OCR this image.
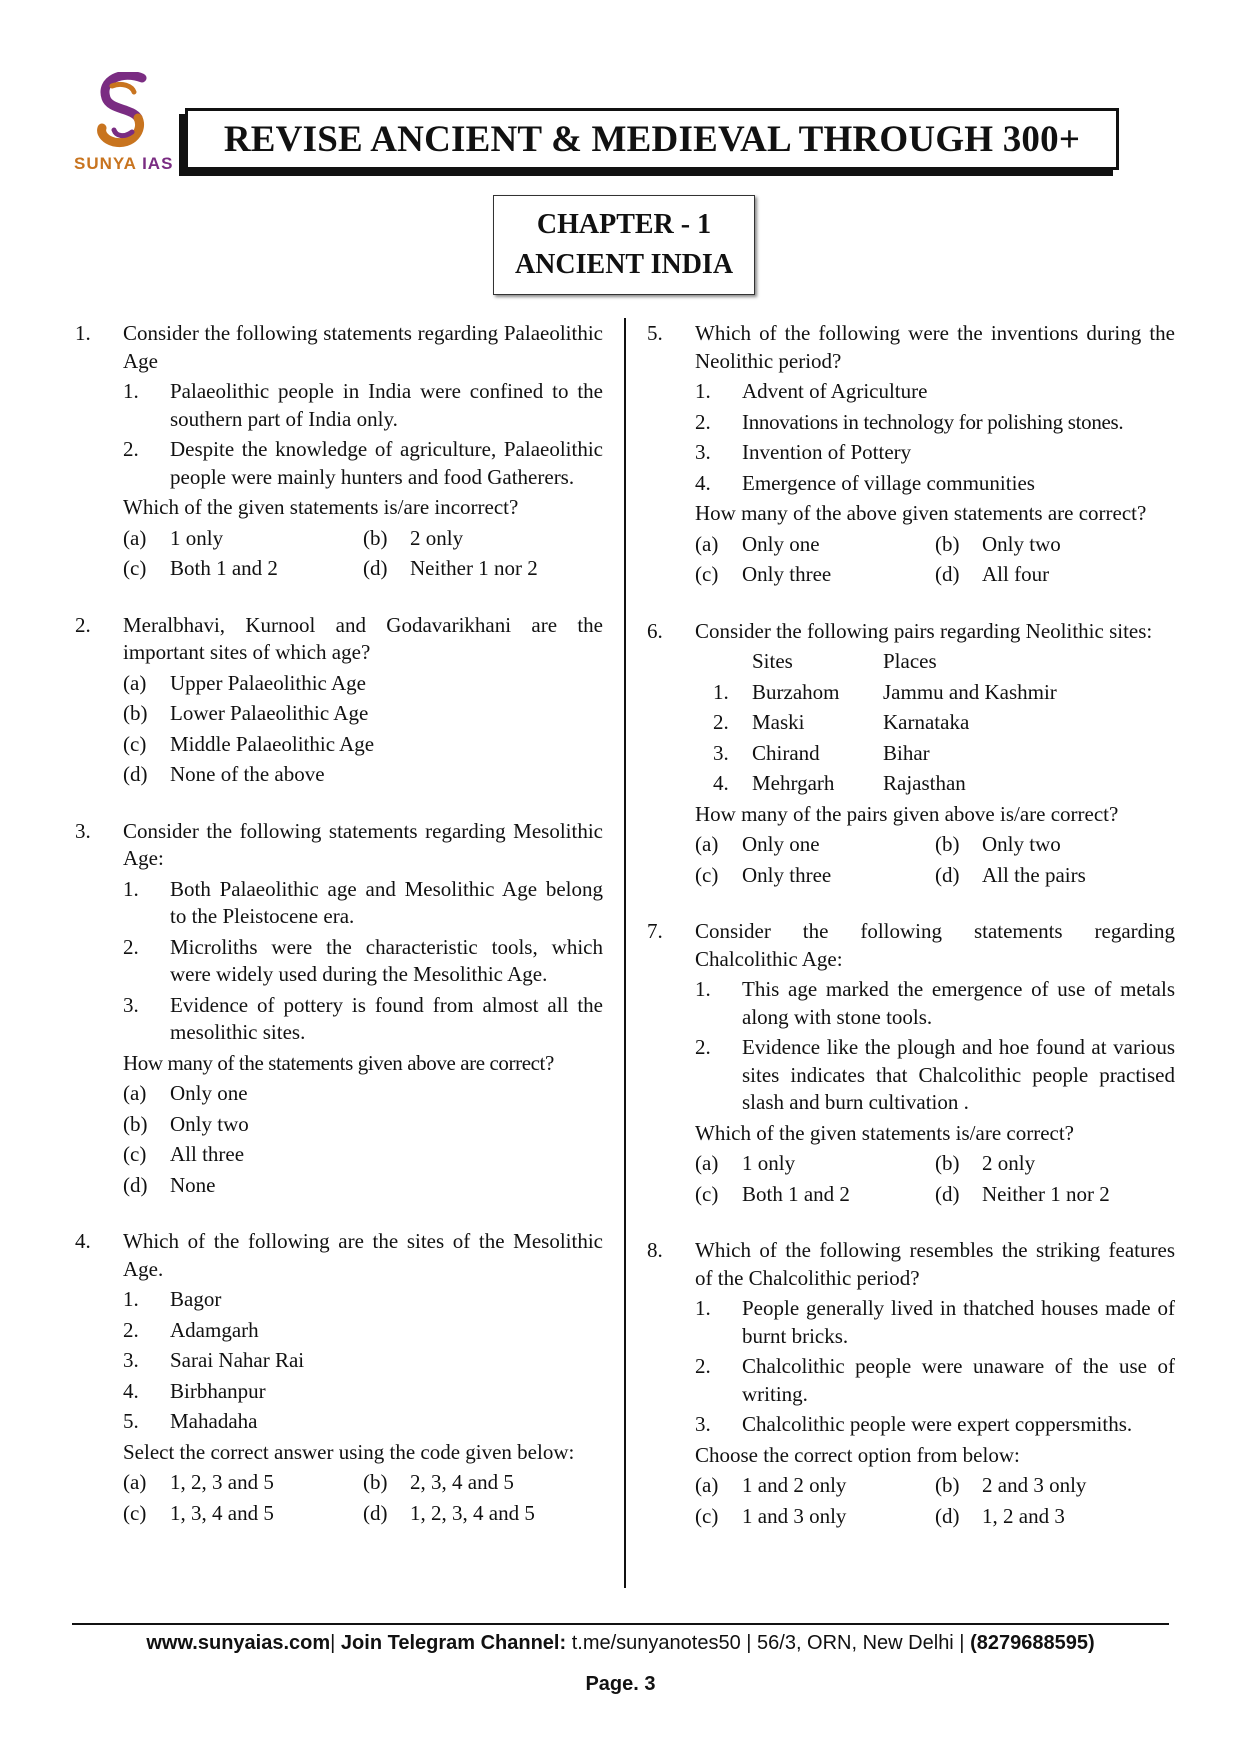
SUNYA IAS
REVISE ANCIENT & MEDIEVAL THROUGH 300+
CHAPTER - 1
ANCIENT INDIA
1. Consider the following statements regarding Palaeolithic Age
1. Palaeolithic people in India were confined to the southern part of India only.
2. Despite the knowledge of agriculture, Palaeolithic people were mainly hunters and food Gatherers.
Which of the given statements is/are incorrect?
(a)	1 only	(b)	2 only
(c)	Both 1 and 2	(d)	Neither 1 nor 2
2. Meralbhavi, Kurnool and Godavarikhani are the important sites of which age?
(a)	Upper Palaeolithic Age
(b)	Lower Palaeolithic Age
(c)	Middle Palaeolithic Age
(d)	None of the above
3. Consider the following statements regarding Mesolithic Age:
1. Both Palaeolithic age and Mesolithic Age belong to the Pleistocene era.
2. Microliths were the characteristic tools, which were widely used during the Mesolithic Age.
3. Evidence of pottery is found from almost all the mesolithic sites.
How many of the statements given above are correct?
(a)	Only one
(b)	Only two
(c)	All three
(d)	None
4. Which of the following are the sites of the Mesolithic Age.
1. Bagor
2. Adamgarh
3. Sarai Nahar Rai
4. Birbhanpur
5. Mahadaha
Select the correct answer using the code given below:
(a)	1, 2, 3 and 5	(b)	2, 3, 4 and 5
(c)	1, 3, 4 and 5	(d)	1, 2, 3, 4 and 5
5. Which of the following were the inventions during the Neolithic period?
1. Advent of Agriculture
2. Innovations in technology for polishing stones.
3. Invention of Pottery
4. Emergence of village communities
How many of the above given statements are correct?
(a)	Only one	(b)	Only two
(c)	Only three	(d)	All four
6. Consider the following pairs regarding Neolithic sites:
Sites	Places
1.	Burzahom	Jammu and Kashmir
2.	Maski	Karnataka
3.	Chirand	Bihar
4.	Mehrgarh	Rajasthan
How many of the pairs given above is/are correct?
(a)	Only one	(b)	Only two
(c)	Only three	(d)	All the pairs
7. Consider the following statements regarding Chalcolithic Age:
1. This age marked the emergence of use of metals along with stone tools.
2. Evidence like the plough and hoe found at various sites indicates that Chalcolithic people practised slash and burn cultivation .
Which of the given statements is/are correct?
(a)	1 only	(b)	2 only
(c)	Both 1 and 2	(d)	Neither 1 nor 2
8. Which of the following resembles the striking features of the Chalcolithic period?
1. People generally lived in thatched houses made of burnt bricks.
2. Chalcolithic people were unaware of the use of writing.
3. Chalcolithic people were expert coppersmiths.
Choose the correct option from below:
(a)	1 and 2 only	(b)	2 and 3 only
(c)	1 and 3 only	(d)	1, 2 and 3
www.sunyaias.com| Join Telegram Channel: t.me/sunyanotes50 | 56/3, ORN, New Delhi | (8279688595)
Page. 3
